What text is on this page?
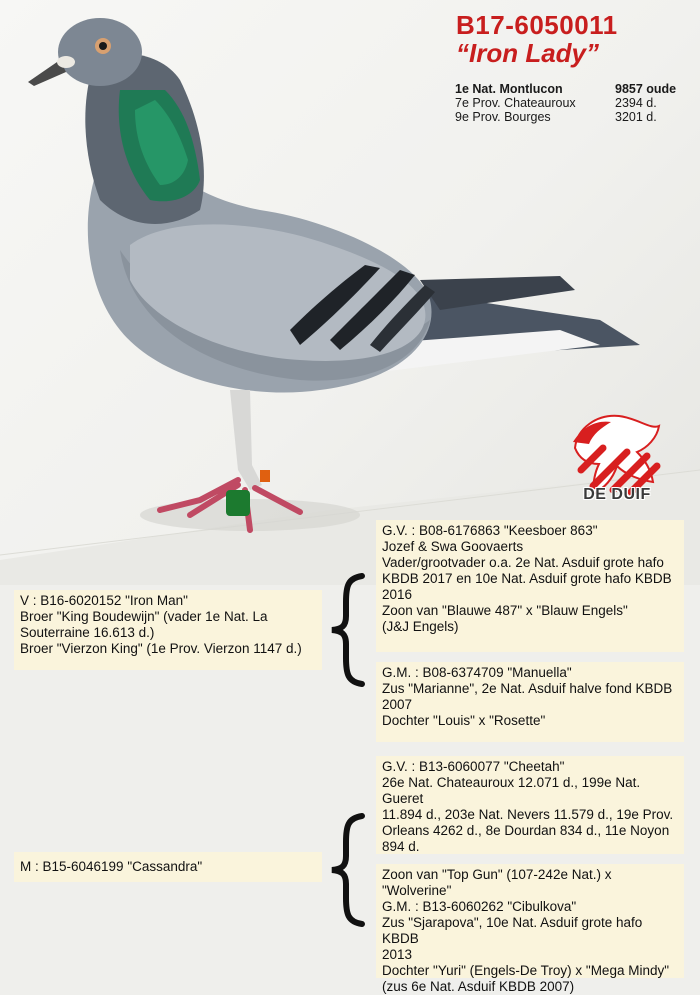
B17-6050011
“Iron Lady”
1e Nat. Montlucon	9857 oude
7e Prov. Chateauroux	2394 d.
9e Prov. Bourges	3201 d.
DE DUIF
G.V. : B08-6176863 "Keesboer 863"
Jozef & Swa Goovaerts
Vader/grootvader o.a. 2e Nat. Asduif grote hafo
KBDB 2017 en 10e Nat. Asduif grote hafo KBDB
2016
Zoon van "Blauwe 487" x "Blauw Engels"
(J&J Engels)
G.M. : B08-6374709 "Manuella"
Zus "Marianne", 2e Nat. Asduif halve fond KBDB
2007
Dochter "Louis" x "Rosette"
G.V. : B13-6060077 "Cheetah"
26e Nat. Chateauroux 12.071 d., 199e Nat. Gueret
11.894 d., 203e Nat. Nevers 11.579 d., 19e Prov.
Orleans 4262 d., 8e Dourdan 834 d., 11e Noyon
894 d.
Zoon van "Top Gun" (107-242e Nat.) x "Wolverine"
G.M. : B13-6060262 "Cibulkova"
Zus "Sjarapova", 10e Nat. Asduif grote hafo KBDB
2013
Dochter "Yuri" (Engels-De Troy) x "Mega Mindy"
(zus 6e Nat. Asduif KBDB 2007)
V : B16-6020152 "Iron Man"
Broer "King Boudewijn" (vader 1e Nat. La
Souterraine 16.613 d.)
Broer "Vierzon King" (1e Prov. Vierzon 1147 d.)
M : B15-6046199 "Cassandra"
